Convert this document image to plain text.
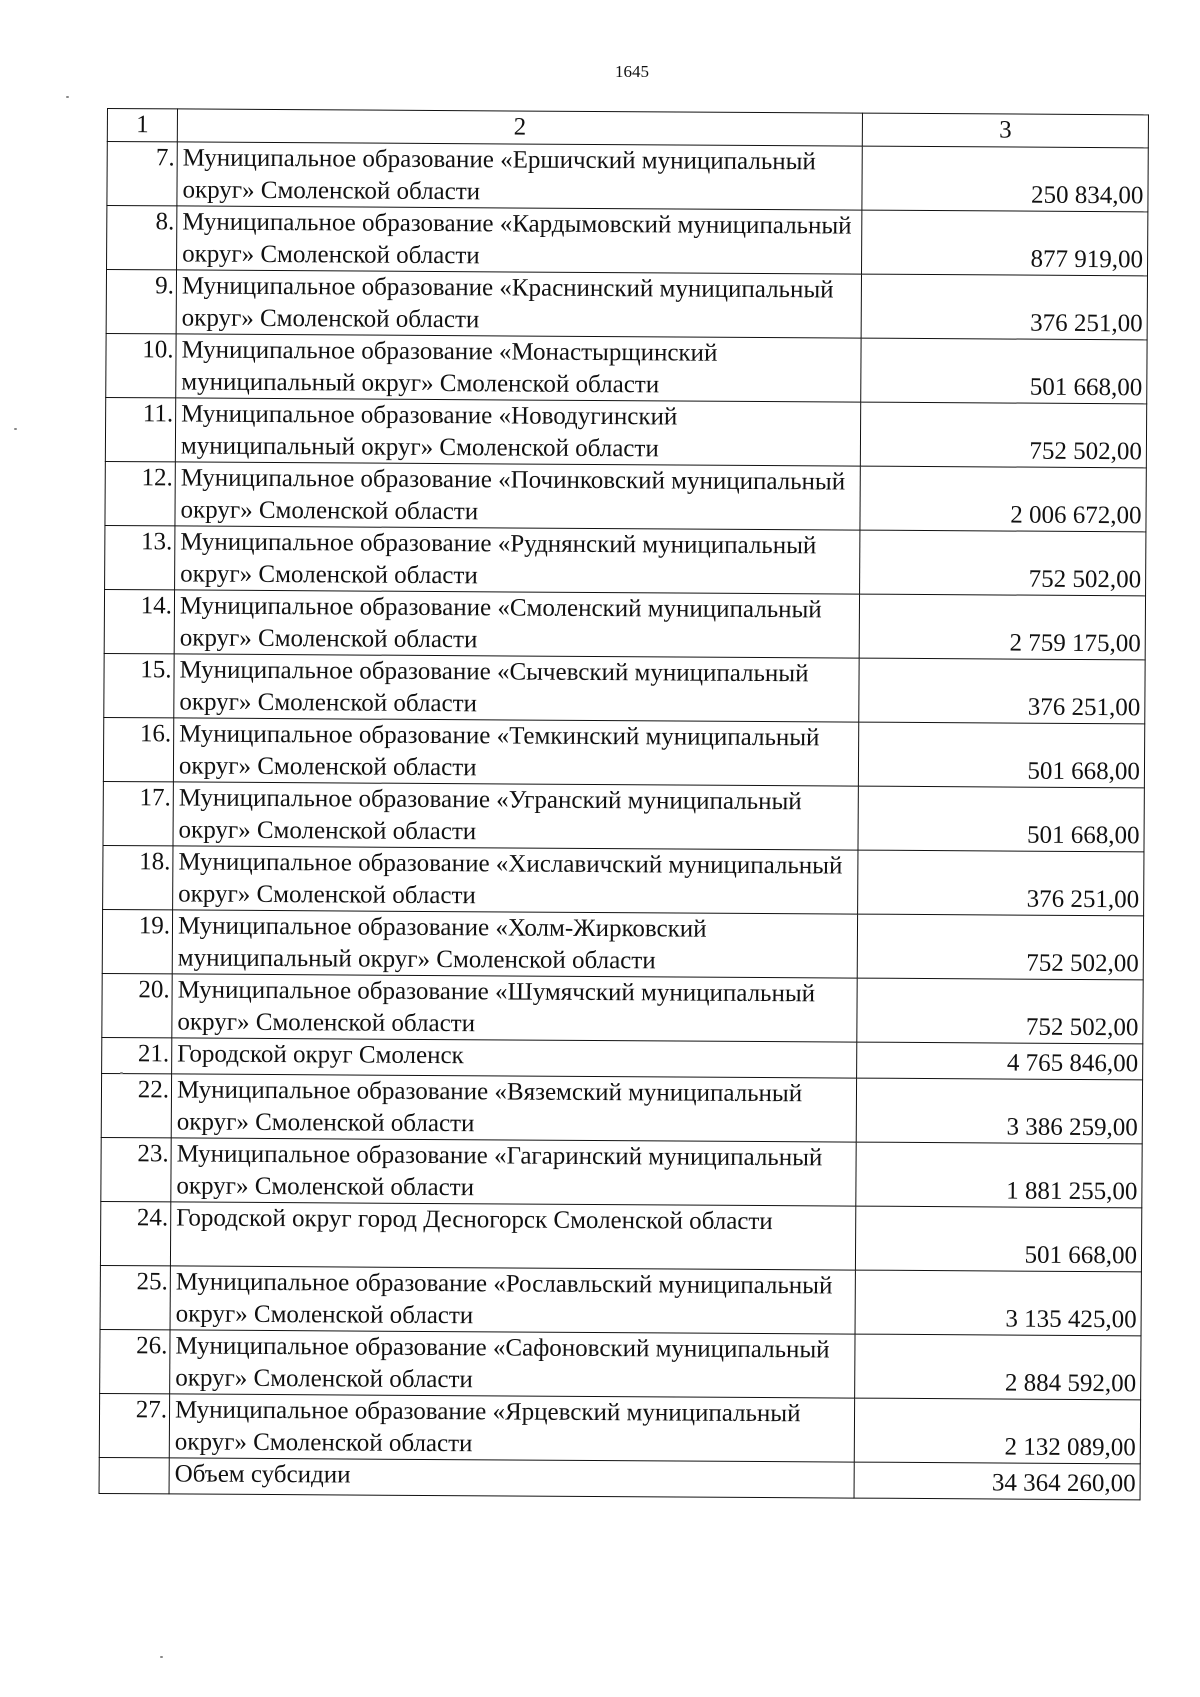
1645
1	2	3
7.	Муниципальное образование «Ершичский муниципальный округ» Смоленской области	250 834,00
8.	Муниципальное образование «Кардымовский муниципальный округ» Смоленской области	877 919,00
9.	Муниципальное образование «Краснинский муниципальный округ» Смоленской области	376 251,00
10.	Муниципальное образование «Монастырщинский муниципальный округ» Смоленской области	501 668,00
11.	Муниципальное образование «Новодугинский муниципальный округ» Смоленской области	752 502,00
12.	Муниципальное образование «Починковский муниципальный округ» Смоленской области	2 006 672,00
13.	Муниципальное образование «Руднянский муниципальный округ» Смоленской области	752 502,00
14.	Муниципальное образование «Смоленский муниципальный округ» Смоленской области	2 759 175,00
15.	Муниципальное образование «Сычевский муниципальный округ» Смоленской области	376 251,00
16.	Муниципальное образование «Темкинский муниципальный округ» Смоленской области	501 668,00
17.	Муниципальное образование «Угранский муниципальный округ» Смоленской области	501 668,00
18.	Муниципальное образование «Хиславичский муниципальный округ» Смоленской области	376 251,00
19.	Муниципальное образование «Холм-Жирковский муниципальный округ» Смоленской области	752 502,00
20.	Муниципальное образование «Шумячский муниципальный округ» Смоленской области	752 502,00
21.	Городской округ Смоленск	4 765 846,00
22.	Муниципальное образование «Вяземский муниципальный округ» Смоленской области	3 386 259,00
23.	Муниципальное образование «Гагаринский муниципальный округ» Смоленской области	1 881 255,00
24.	Городской округ город Десногорск Смоленской области	501 668,00
25.	Муниципальное образование «Рославльский муниципальный округ» Смоленской области	3 135 425,00
26.	Муниципальное образование «Сафоновский муниципальный округ» Смоленской области	2 884 592,00
27.	Муниципальное образование «Ярцевский муниципальный округ» Смоленской области	2 132 089,00
	Объем субсидии	34 364 260,00
